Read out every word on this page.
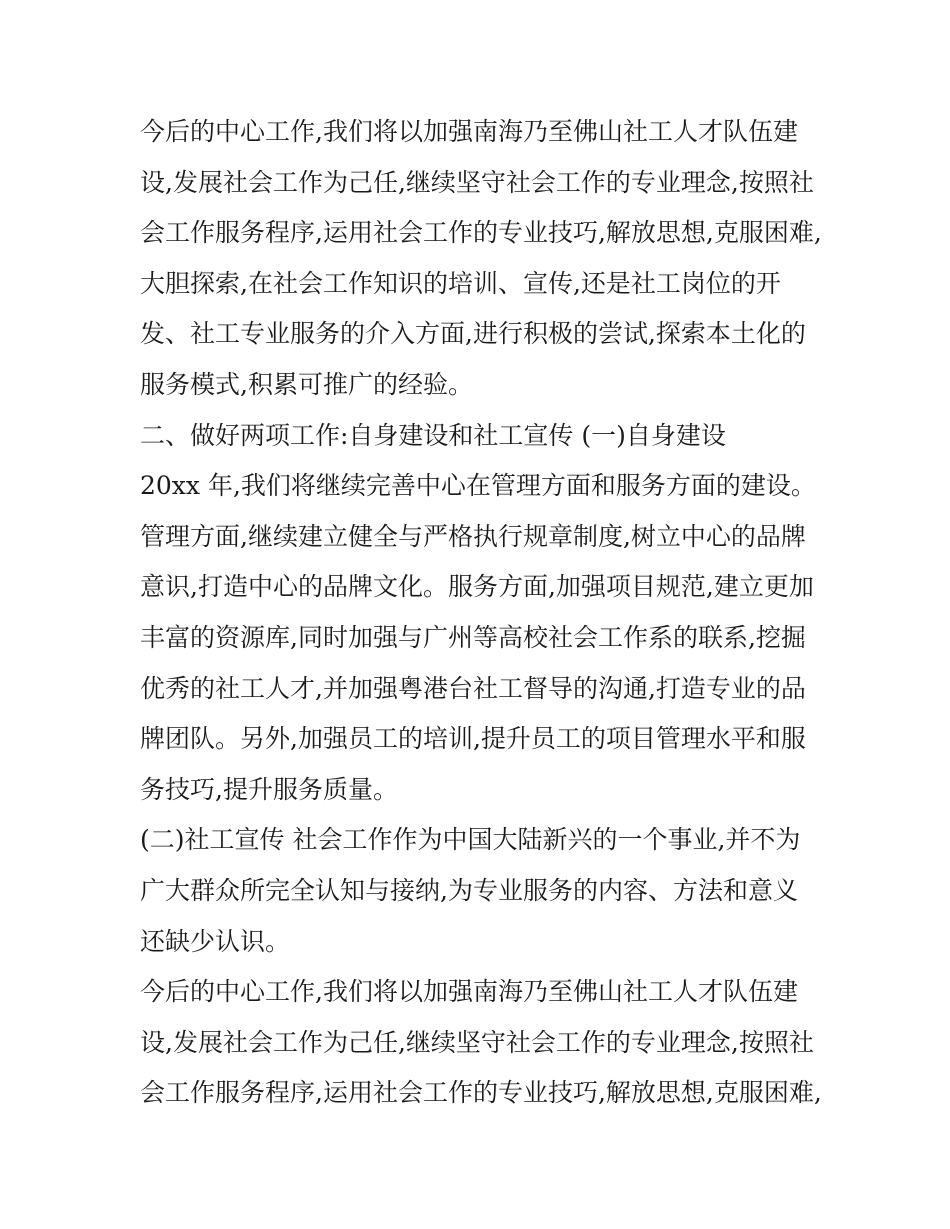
今后的中心工作,我们将以加强南海乃至佛山社工人才队伍建
设,发展社会工作为己任,继续坚守社会工作的专业理念,按照社
会工作服务程序,运用社会工作的专业技巧,解放思想,克服困难,
大胆探索,在社会工作知识的培训、宣传,还是社工岗位的开
发、社工专业服务的介入方面,进行积极的尝试,探索本土化的
服务模式,积累可推广的经验。
二、做好两项工作:自身建设和社工宣传 (一)自身建设
20xx 年,我们将继续完善中心在管理方面和服务方面的建设。
管理方面,继续建立健全与严格执行规章制度,树立中心的品牌
意识,打造中心的品牌文化。服务方面,加强项目规范,建立更加
丰富的资源库,同时加强与广州等高校社会工作系的联系,挖掘
优秀的社工人才,并加强粤港台社工督导的沟通,打造专业的品
牌团队。另外,加强员工的培训,提升员工的项目管理水平和服
务技巧,提升服务质量。
(二)社工宣传 社会工作作为中国大陆新兴的一个事业,并不为
广大群众所完全认知与接纳,为专业服务的内容、方法和意义
还缺少认识。
今后的中心工作,我们将以加强南海乃至佛山社工人才队伍建
设,发展社会工作为己任,继续坚守社会工作的专业理念,按照社
会工作服务程序,运用社会工作的专业技巧,解放思想,克服困难,
